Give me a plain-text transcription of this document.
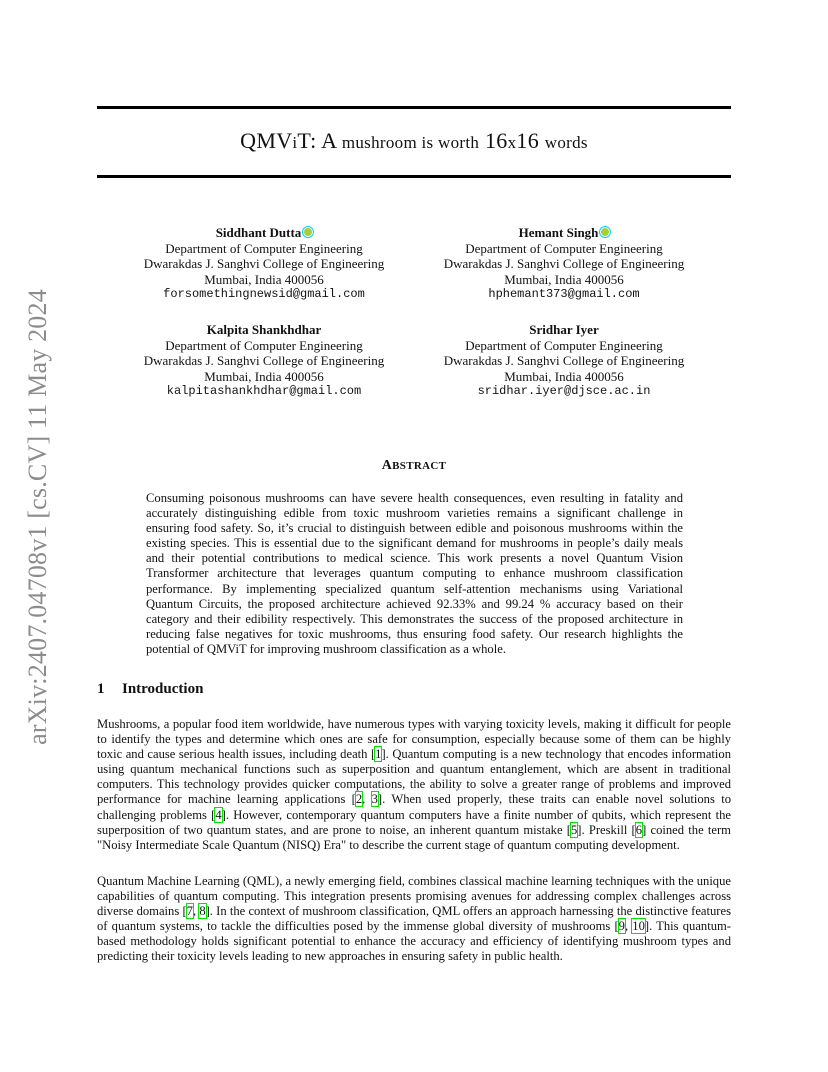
arXiv:2407.04708v1 [cs.CV] 11 May 2024
QMViT: A mushroom is worth 16x16 words
Siddhant Dutta
Department of Computer Engineering
Dwarakdas J. Sanghvi College of Engineering
Mumbai, India 400056
forsomethingnewsid@gmail.com
Hemant Singh
Department of Computer Engineering
Dwarakdas J. Sanghvi College of Engineering
Mumbai, India 400056
hphemant373@gmail.com
Kalpita Shankhdhar
Department of Computer Engineering
Dwarakdas J. Sanghvi College of Engineering
Mumbai, India 400056
kalpitashankhdhar@gmail.com
Sridhar Iyer
Department of Computer Engineering
Dwarakdas J. Sanghvi College of Engineering
Mumbai, India 400056
sridhar.iyer@djsce.ac.in
ABSTRACT
Consuming poisonous mushrooms can have severe health consequences, even resulting in fatality and accurately distinguishing edible from toxic mushroom varieties remains a significant challenge in ensuring food safety. So, it’s crucial to distinguish between edible and poisonous mushrooms within the existing species. This is essential due to the significant demand for mushrooms in people’s daily meals and their potential contributions to medical science. This work presents a novel Quantum Vision Transformer architecture that leverages quantum computing to enhance mushroom classification performance. By implementing specialized quantum self-attention mechanisms using Variational Quantum Circuits, the proposed architecture achieved 92.33% and 99.24 % accuracy based on their category and their edibility respectively. This demonstrates the success of the proposed architecture in reducing false negatives for toxic mushrooms, thus ensuring food safety. Our research highlights the potential of QMViT for improving mushroom classification as a whole.
1 Introduction

Mushrooms, a popular food item worldwide, have numerous types with varying toxicity levels, making it difficult for people to identify the types and determine which ones are safe for consumption, especially because some of them can be highly toxic and cause serious health issues, including death [1]. Quantum computing is a new technology that encodes information using quantum mechanical functions such as superposition and quantum entanglement, which are absent in traditional computers. This technology provides quicker computations, the ability to solve a greater range of problems and improved performance for machine learning applications [2, 3]. When used properly, these traits can enable novel solutions to challenging problems [4]. However, contemporary quantum computers have a finite number of qubits, which represent the superposition of two quantum states, and are prone to noise, an inherent quantum mistake [5]. Preskill [6] coined the term "Noisy Intermediate Scale Quantum (NISQ) Era" to describe the current stage of quantum computing development.

Quantum Machine Learning (QML), a newly emerging field, combines classical machine learning techniques with the unique capabilities of quantum computing. This integration presents promising avenues for addressing complex challenges across diverse domains [7, 8]. In the context of mushroom classification, QML offers an approach harnessing the distinctive features of quantum systems, to tackle the difficulties posed by the immense global diversity of mushrooms [9, 10]. This quantum-based methodology holds significant potential to enhance the accuracy and efficiency of identifying mushroom types and predicting their toxicity levels leading to new approaches in ensuring safety in public health.
